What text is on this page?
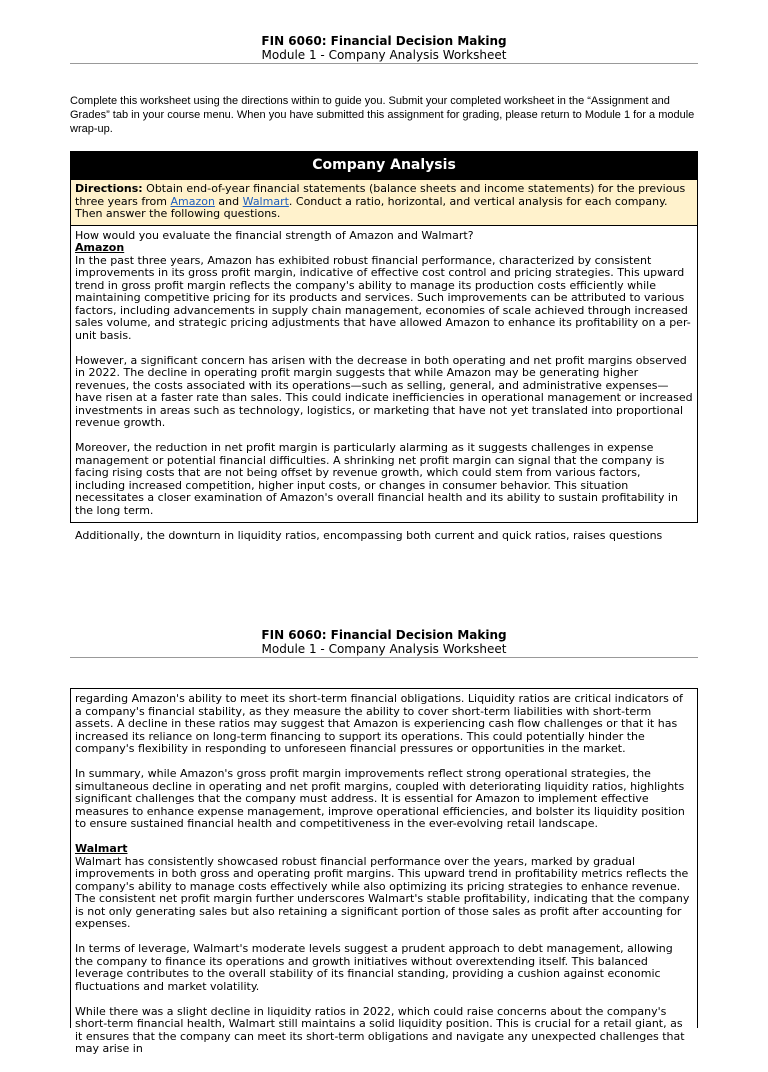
FIN 6060: Financial Decision Making
Module 1 - Company Analysis Worksheet
Complete this worksheet using the directions within to guide you. Submit your completed worksheet in the “Assignment and Grades” tab in your course menu. When you have submitted this assignment for grading, please return to Module 1 for a module wrap-up.
Company Analysis
Directions: Obtain end-of-year financial statements (balance sheets and income statements) for the previous three years from Amazon and Walmart. Conduct a ratio, horizontal, and vertical analysis for each company. Then answer the following questions.

How would you evaluate the financial strength of Amazon and Walmart?

Amazon

In the past three years, Amazon has exhibited robust financial performance, characterized by consistent improvements in its gross profit margin, indicative of effective cost control and pricing strategies. This upward trend in gross profit margin reflects the company's ability to manage its production costs efficiently while maintaining competitive pricing for its products and services. Such improvements can be attributed to various factors, including advancements in supply chain management, economies of scale achieved through increased sales volume, and strategic pricing adjustments that have allowed Amazon to enhance its profitability on a per-unit basis.

However, a significant concern has arisen with the decrease in both operating and net profit margins observed in 2022. The decline in operating profit margin suggests that while Amazon may be generating higher revenues, the costs associated with its operations—such as selling, general, and administrative expenses—have risen at a faster rate than sales. This could indicate inefficiencies in operational management or increased investments in areas such as technology, logistics, or marketing that have not yet translated into proportional revenue growth.

Moreover, the reduction in net profit margin is particularly alarming as it suggests challenges in expense management or potential financial difficulties. A shrinking net profit margin can signal that the company is facing rising costs that are not being offset by revenue growth, which could stem from various factors, including increased competition, higher input costs, or changes in consumer behavior. This situation necessitates a closer examination of Amazon's overall financial health and its ability to sustain profitability in the long term.

Additionally, the downturn in liquidity ratios, encompassing both current and quick ratios, raises questions

FIN 6060: Financial Decision Making
Module 1 - Company Analysis Worksheet

regarding Amazon's ability to meet its short-term financial obligations. Liquidity ratios are critical indicators of a company's financial stability, as they measure the ability to cover short-term liabilities with short-term assets. A decline in these ratios may suggest that Amazon is experiencing cash flow challenges or that it has increased its reliance on long-term financing to support its operations. This could potentially hinder the company's flexibility in responding to unforeseen financial pressures or opportunities in the market.

In summary, while Amazon's gross profit margin improvements reflect strong operational strategies, the simultaneous decline in operating and net profit margins, coupled with deteriorating liquidity ratios, highlights significant challenges that the company must address. It is essential for Amazon to implement effective measures to enhance expense management, improve operational efficiencies, and bolster its liquidity position to ensure sustained financial health and competitiveness in the ever-evolving retail landscape.

Walmart

Walmart has consistently showcased robust financial performance over the years, marked by gradual improvements in both gross and operating profit margins. This upward trend in profitability metrics reflects the company's ability to manage costs effectively while also optimizing its pricing strategies to enhance revenue. The consistent net profit margin further underscores Walmart's stable profitability, indicating that the company is not only generating sales but also retaining a significant portion of those sales as profit after accounting for expenses.

In terms of leverage, Walmart's moderate levels suggest a prudent approach to debt management, allowing the company to finance its operations and growth initiatives without overextending itself. This balanced leverage contributes to the overall stability of its financial standing, providing a cushion against economic fluctuations and market volatility.

While there was a slight decline in liquidity ratios in 2022, which could raise concerns about the company's short-term financial health, Walmart still maintains a solid liquidity position. This is crucial for a retail giant, as it ensures that the company can meet its short-term obligations and navigate any unexpected challenges that may arise in
